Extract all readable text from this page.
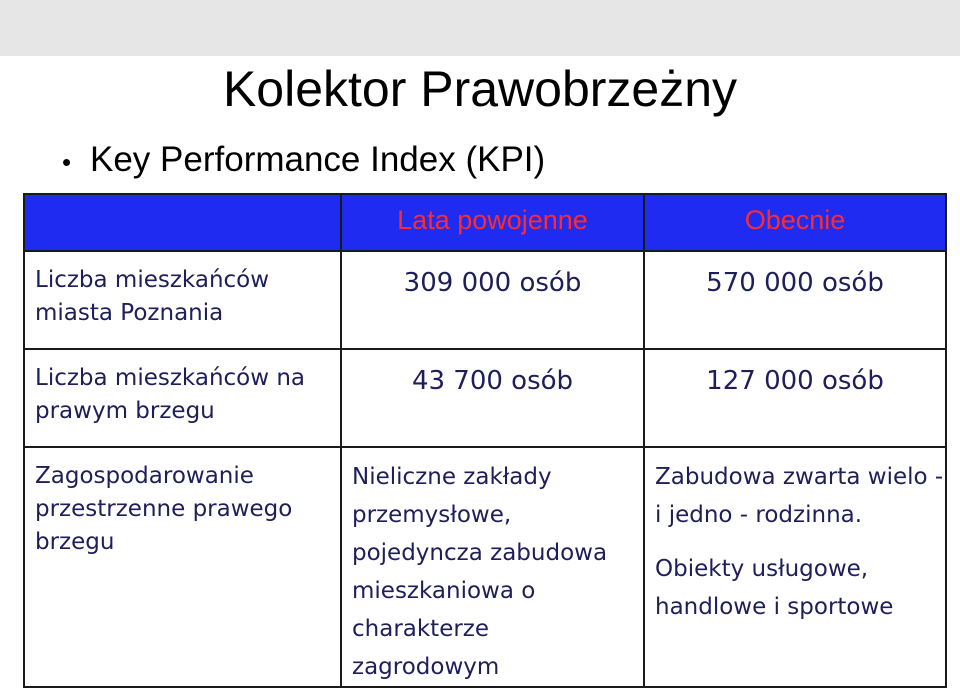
Kolektor Prawobrzeżny
• Key Performance Index (KPI)

	Lata powojenne	Obecnie

Liczba mieszkańców miasta Poznania	309 000 osób	570 000 osób

Liczba mieszkańców na prawym brzegu	43 700 osób	127 000 osób

Zagospodarowanie przestrzenne prawego brzegu	Nieliczne zakłady przemysłowe, pojedyncza zabudowa mieszkaniowa o charakterze zagrodowym	Zabudowa zwarta wielo - i jedno - rodzinna.
Obiekty usługowe, handlowe i sportowe
